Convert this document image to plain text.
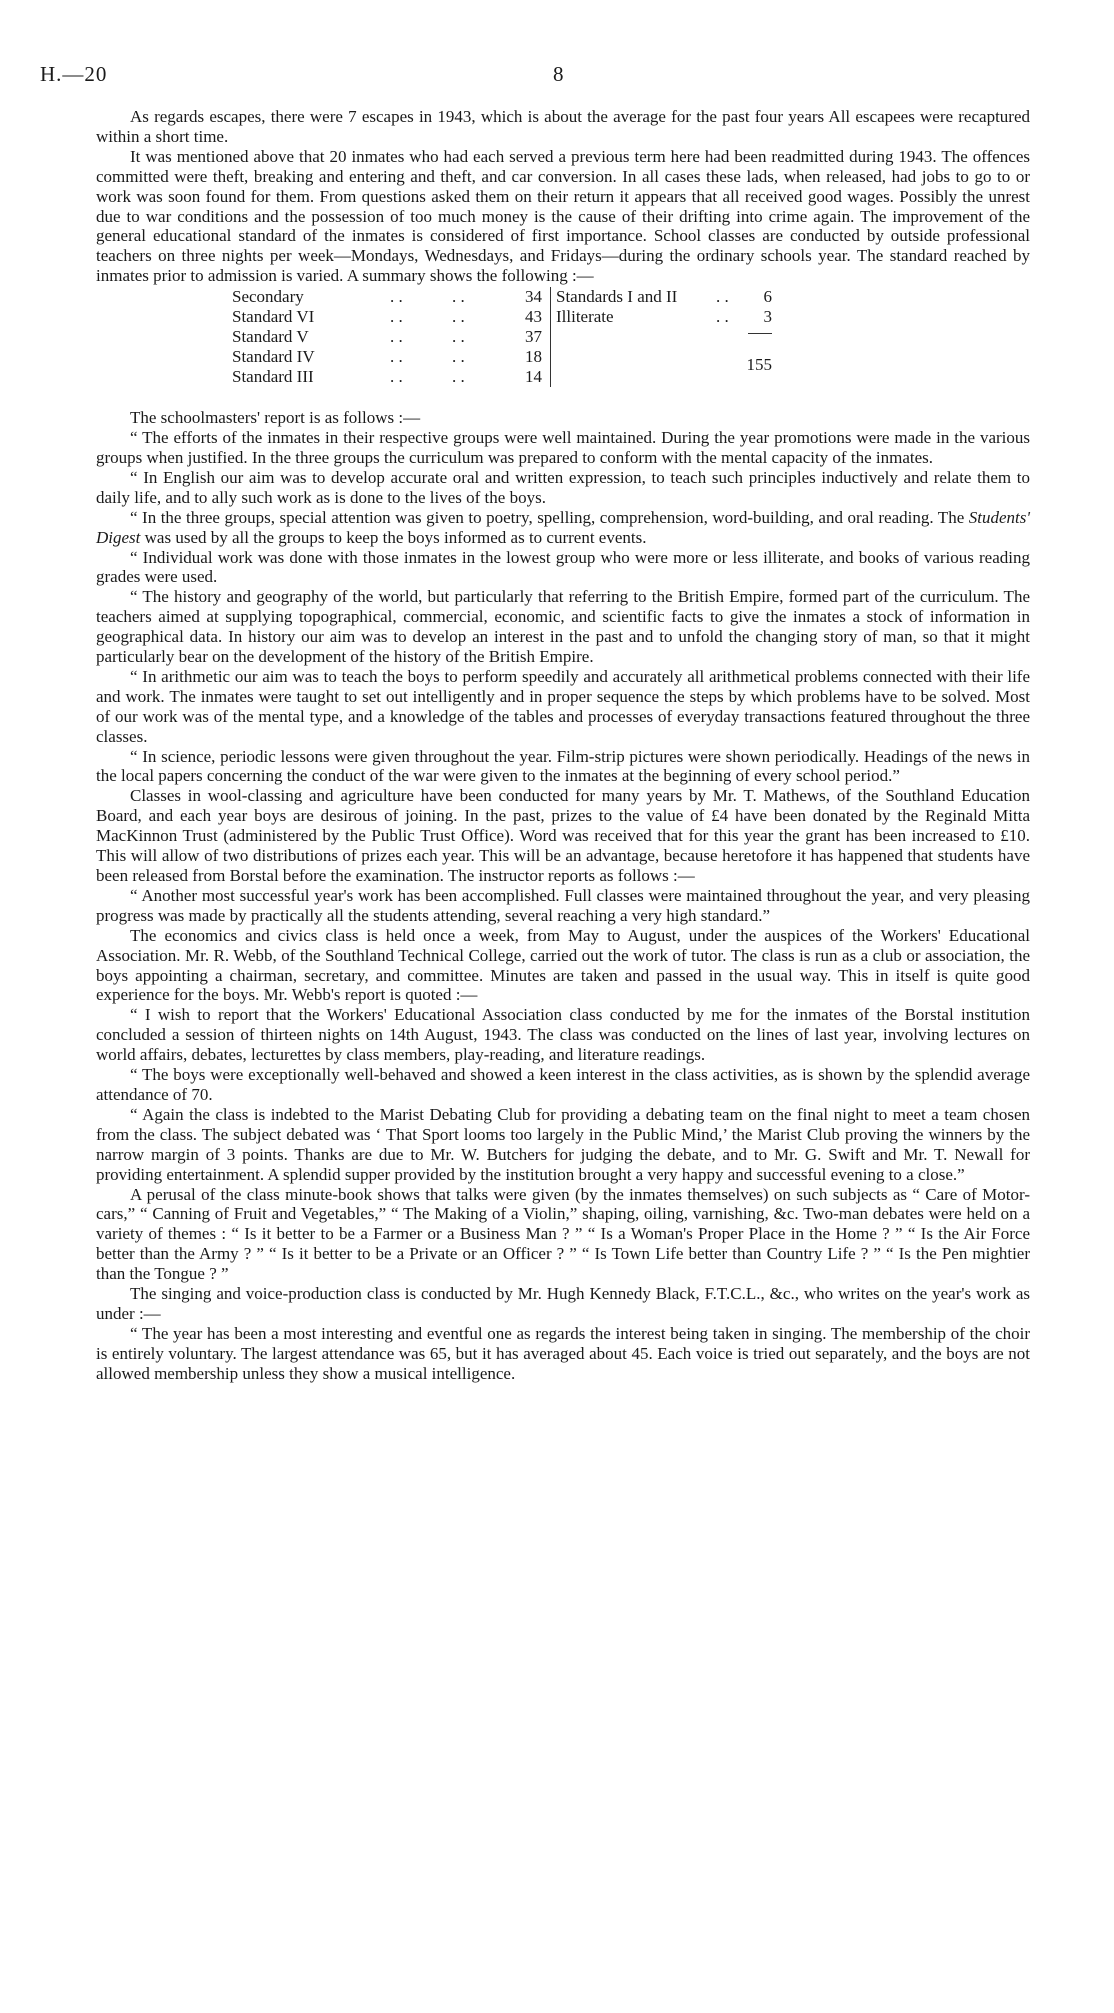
H.—20	8

As regards escapes, there were 7 escapes in 1943, which is about the average for the past four years All escapees were recaptured within a short time.

It was mentioned above that 20 inmates who had each served a previous term here had been readmitted during 1943. The offences committed were theft, breaking and entering and theft, and car conversion. In all cases these lads, when released, had jobs to go to or work was soon found for them. From questions asked them on their return it appears that all received good wages. Possibly the unrest due to war conditions and the possession of too much money is the cause of their drifting into crime again. The improvement of the general educational standard of the inmates is considered of first importance. School classes are conducted by outside professional teachers on three nights per week—Mondays, Wednesdays, and Fridays—during the ordinary schools year. The standard reached by inmates prior to admission is varied. A summary shows the following :—

Secondary	. .	. .	34
Standard VI	. .	. .	43
Standard V	. .	. .	37
Standard IV	. .	. .	18
Standard III	. .	. .	14
Standards I and II . . 6
Illiterate	. . 3
155

The schoolmasters' report is as follows :—

“ The efforts of the inmates in their respective groups were well maintained. During the year promotions were made in the various groups when justified. In the three groups the curriculum was prepared to conform with the mental capacity of the inmates.

“ In English our aim was to develop accurate oral and written expression, to teach such principles inductively and relate them to daily life, and to ally such work as is done to the lives of the boys.

“ In the three groups, special attention was given to poetry, spelling, comprehension, word-building, and oral reading. The Students' Digest was used by all the groups to keep the boys informed as to current events.

“ Individual work was done with those inmates in the lowest group who were more or less illiterate, and books of various reading grades were used.

“ The history and geography of the world, but particularly that referring to the British Empire, formed part of the curriculum. The teachers aimed at supplying topographical, commercial, economic, and scientific facts to give the inmates a stock of information in geographical data. In history our aim was to develop an interest in the past and to unfold the changing story of man, so that it might particularly bear on the development of the history of the British Empire.

“ In arithmetic our aim was to teach the boys to perform speedily and accurately all arithmetical problems connected with their life and work. The inmates were taught to set out intelligently and in proper sequence the steps by which problems have to be solved. Most of our work was of the mental type, and a knowledge of the tables and processes of everyday transactions featured throughout the three classes.

“ In science, periodic lessons were given throughout the year. Film-strip pictures were shown periodically. Headings of the news in the local papers concerning the conduct of the war were given to the inmates at the beginning of every school period.”

Classes in wool-classing and agriculture have been conducted for many years by Mr. T. Mathews, of the Southland Education Board, and each year boys are desirous of joining. In the past, prizes to the value of £4 have been donated by the Reginald Mitta MacKinnon Trust (administered by the Public Trust Office). Word was received that for this year the grant has been increased to £10. This will allow of two distributions of prizes each year. This will be an advantage, because heretofore it has happened that students have been released from Borstal before the examination. The instructor reports as follows :—

“ Another most successful year's work has been accomplished. Full classes were maintained throughout the year, and very pleasing progress was made by practically all the students attending, several reaching a very high standard.”

The economics and civics class is held once a week, from May to August, under the auspices of the Workers' Educational Association. Mr. R. Webb, of the Southland Technical College, carried out the work of tutor. The class is run as a club or association, the boys appointing a chairman, secretary, and committee. Minutes are taken and passed in the usual way. This in itself is quite good experience for the boys. Mr. Webb's report is quoted :—

“ I wish to report that the Workers' Educational Association class conducted by me for the inmates of the Borstal institution concluded a session of thirteen nights on 14th August, 1943. The class was conducted on the lines of last year, involving lectures on world affairs, debates, lecturettes by class members, play-reading, and literature readings.

“ The boys were exceptionally well-behaved and showed a keen interest in the class activities, as is shown by the splendid average attendance of 70.

“ Again the class is indebted to the Marist Debating Club for providing a debating team on the final night to meet a team chosen from the class. The subject debated was ‘ That Sport looms too largely in the Public Mind,’ the Marist Club proving the winners by the narrow margin of 3 points. Thanks are due to Mr. W. Butchers for judging the debate, and to Mr. G. Swift and Mr. T. Newall for providing entertainment. A splendid supper provided by the institution brought a very happy and successful evening to a close.”

A perusal of the class minute-book shows that talks were given (by the inmates themselves) on such subjects as “ Care of Motor-cars,” “ Canning of Fruit and Vegetables,” “ The Making of a Violin,” shaping, oiling, varnishing, &c. Two-man debates were held on a variety of themes : “ Is it better to be a Farmer or a Business Man ? ” “ Is a Woman's Proper Place in the Home ? ” “ Is the Air Force better than the Army ? ” “ Is it better to be a Private or an Officer ? ” “ Is Town Life better than Country Life ? ” “ Is the Pen mightier than the Tongue ? ”

The singing and voice-production class is conducted by Mr. Hugh Kennedy Black, F.T.C.L., &c., who writes on the year's work as under :—

“ The year has been a most interesting and eventful one as regards the interest being taken in singing. The membership of the choir is entirely voluntary. The largest attendance was 65, but it has averaged about 45. Each voice is tried out separately, and the boys are not allowed membership unless they show a musical intelligence.
